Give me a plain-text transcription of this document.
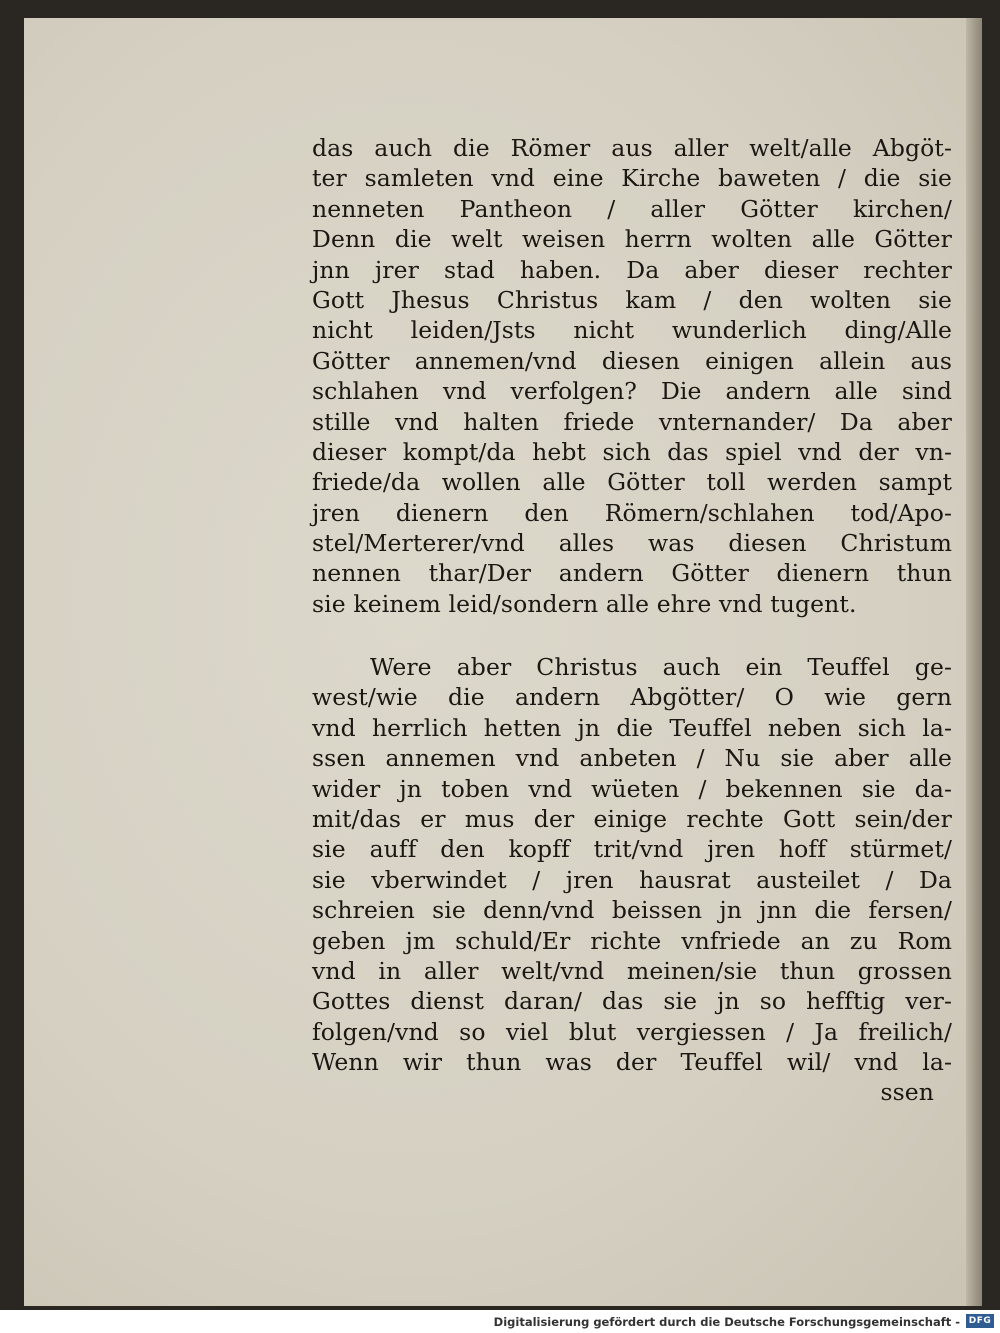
das auch die Römer aus aller welt/alle Abgöt-
ter samleten vnd eine Kirche baweten / die sie
nenneten Pantheon / aller Götter kirchen/
Denn die welt weisen herrn wolten alle Götter
jnn jrer stad haben. Da aber dieser rechter
Gott Jhesus Christus kam / den wolten sie
nicht leiden/Jsts nicht wunderlich ding/Alle
Götter annemen/vnd diesen einigen allein aus
schlahen vnd verfolgen? Die andern alle sind
stille vnd halten friede vnternander/ Da aber
dieser kompt/da hebt sich das spiel vnd der vn-
friede/da wollen alle Götter toll werden sampt
jren dienern den Römern/schlahen tod/Apo-
stel/Merterer/vnd alles was diesen Christum
nennen thar/Der andern Götter dienern thun
sie keinem leid/sondern alle ehre vnd tugent.
Were aber Christus auch ein Teuffel ge-
west/wie die andern Abgötter/ O wie gern
vnd herrlich hetten jn die Teuffel neben sich la-
ssen annemen vnd anbeten / Nu sie aber alle
wider jn toben vnd wüeten / bekennen sie da-
mit/das er mus der einige rechte Gott sein/der
sie auff den kopff trit/vnd jren hoff stürmet/
sie vberwindet / jren hausrat austeilet / Da
schreien sie denn/vnd beissen jn jnn die fersen/
geben jm schuld/Er richte vnfriede an zu Rom
vnd in aller welt/vnd meinen/sie thun grossen
Gottes dienst daran/ das sie jn so hefftig ver-
folgen/vnd so viel blut vergiessen / Ja freilich/
Wenn wir thun was der Teuffel wil/ vnd la-
ssen
Digitalisierung gefördert durch die Deutsche Forschungsgemeinschaft - DFG
